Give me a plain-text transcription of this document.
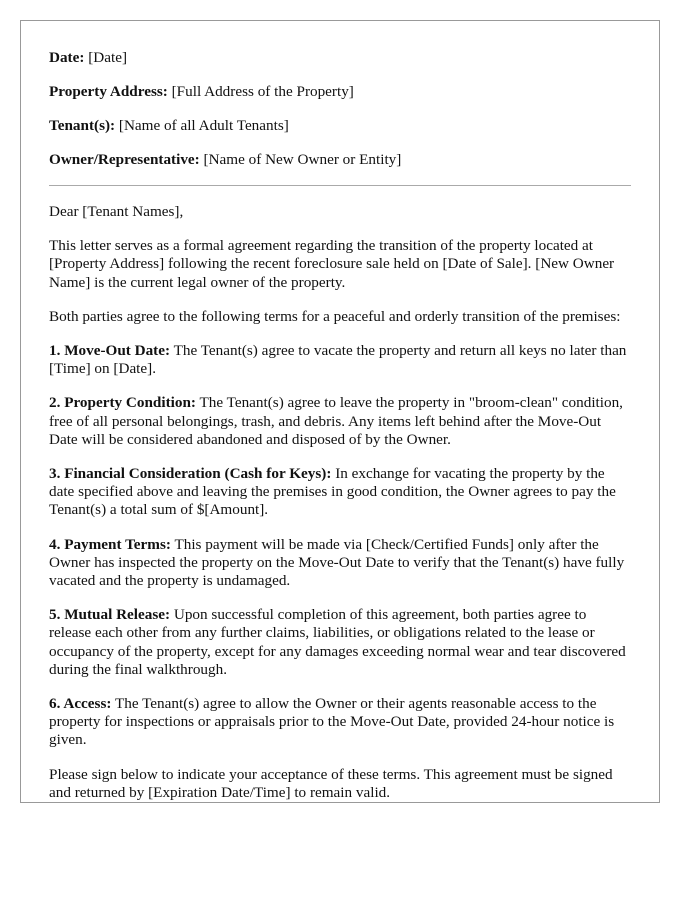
Date: [Date]
Property Address: [Full Address of the Property]
Tenant(s): [Name of all Adult Tenants]
Owner/Representative: [Name of New Owner or Entity]

Dear [Tenant Names],

This letter serves as a formal agreement regarding the transition of the property located at [Property Address] following the recent foreclosure sale held on [Date of Sale]. [New Owner Name] is the current legal owner of the property.

Both parties agree to the following terms for a peaceful and orderly transition of the premises:

1. Move-Out Date: The Tenant(s) agree to vacate the property and return all keys no later than [Time] on [Date].

2. Property Condition: The Tenant(s) agree to leave the property in "broom-clean" condition, free of all personal belongings, trash, and debris. Any items left behind after the Move-Out Date will be considered abandoned and disposed of by the Owner.

3. Financial Consideration (Cash for Keys): In exchange for vacating the property by the date specified above and leaving the premises in good condition, the Owner agrees to pay the Tenant(s) a total sum of $[Amount].

4. Payment Terms: This payment will be made via [Check/Certified Funds] only after the Owner has inspected the property on the Move-Out Date to verify that the Tenant(s) have fully vacated and the property is undamaged.

5. Mutual Release: Upon successful completion of this agreement, both parties agree to release each other from any further claims, liabilities, or obligations related to the lease or occupancy of the property, except for any damages exceeding normal wear and tear discovered during the final walkthrough.

6. Access: The Tenant(s) agree to allow the Owner or their agents reasonable access to the property for inspections or appraisals prior to the Move-Out Date, provided 24-hour notice is given.

Please sign below to indicate your acceptance of these terms. This agreement must be signed and returned by [Expiration Date/Time] to remain valid.
